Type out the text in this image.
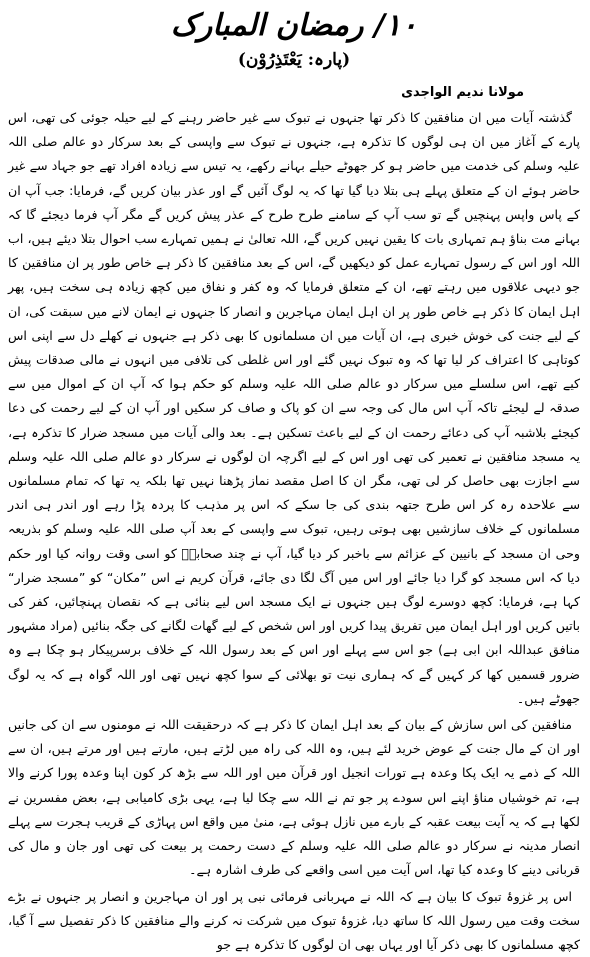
۱۰/ رمضان المبارک
(پارہ: یَعْتَذِرُوْن)
مولانا ندیم الواجدی

گذشتہ آیات میں ان منافقین کا ذکر تھا جنہوں نے تبوک سے غیر حاضر رہنے کے لیے حیلہ جوئی کی تھی، اس پارے کے آغاز میں ان ہی لوگوں کا تذکرہ ہے، جنہوں نے تبوک سے واپسی کے بعد سرکار دو عالم صلی اللہ علیہ وسلم کی خدمت میں حاضر ہو کر جھوٹے حیلے بہانے رکھے، یہ تیس سے زیادہ افراد تھے جو جہاد سے غیر حاضر ہوئے ان کے متعلق پہلے ہی بتلا دیا گیا تھا کہ یہ لوگ آئیں گے اور عذر بیان کریں گے، فرمایا: جب آپ ان کے پاس واپس پہنچیں گے تو سب آپ کے سامنے طرح طرح کے عذر پیش کریں گے مگر آپ فرما دیجئے گا کہ بہانے مت بناؤ ہم تمہاری بات کا یقین نہیں کریں گے، اللہ تعالیٰ نے ہمیں تمہارے سب احوال بتلا دیئے ہیں، اب اللہ اور اس کے رسول تمہارے عمل کو دیکھیں گے، اس کے بعد منافقین کا ذکر ہے خاص طور پر ان منافقین کا جو دیہی علاقوں میں رہتے تھے، ان کے متعلق فرمایا کہ وہ کفر و نفاق میں کچھ زیادہ ہی سخت ہیں، پھر اہل ایمان کا ذکر ہے خاص طور پر ان اہل ایمان مہاجرین و انصار کا جنہوں نے ایمان لانے میں سبقت کی، ان کے لیے جنت کی خوش خبری ہے، ان آیات میں ان مسلمانوں کا بھی ذکر ہے جنہوں نے کھلے دل سے اپنی اس کوتاہی کا اعتراف کر لیا تھا کہ وہ تبوک نہیں گئے اور اس غلطی کی تلافی میں انہوں نے مالی صدقات پیش کیے تھے، اس سلسلے میں سرکار دو عالم صلی اللہ علیہ وسلم کو حکم ہوا کہ آپ ان کے اموال میں سے صدقہ لے لیجئے تاکہ آپ اس مال کی وجہ سے ان کو پاک و صاف کر سکیں اور آپ ان کے لیے رحمت کی دعا کیجئے بلاشبہ آپ کی دعائے رحمت ان کے لیے باعث تسکین ہے۔ بعد والی آیات میں مسجد ضرار کا تذکرہ ہے، یہ مسجد منافقین نے تعمیر کی تھی اور اس کے لیے اگرچہ ان لوگوں نے سرکار دو عالم صلی اللہ علیہ وسلم سے اجازت بھی حاصل کر لی تھی، مگر ان کا اصل مقصد نماز پڑھنا نہیں تھا بلکہ یہ تھا کہ تمام مسلمانوں سے علاحدہ رہ کر اس طرح جتھہ بندی کی جا سکے کہ اس پر مذہب کا پردہ پڑا رہے اور اندر ہی اندر مسلمانوں کے خلاف سازشیں بھی ہوتی رہیں، تبوک سے واپسی کے بعد آپ صلی اللہ علیہ وسلم کو بذریعہ وحی ان مسجد کے بانیین کے عزائم سے باخبر کر دیا گیا، آپ نے چند صحابہؓ کو اسی وقت روانہ کیا اور حکم دیا کہ اس مسجد کو گرا دیا جائے اور اس میں آگ لگا دی جائے، قرآن کریم نے اس ”مکان“ کو ”مسجد ضرار“ کہا ہے، فرمایا: کچھ دوسرے لوگ ہیں جنہوں نے ایک مسجد اس لیے بنائی ہے کہ نقصان پہنچائیں، کفر کی باتیں کریں اور اہل ایمان میں تفریق پیدا کریں اور اس شخص کے لیے گھات لگانے کی جگہ بنائیں (مراد مشہور منافق عبداللہ ابن ابی ہے) جو اس سے پہلے اور اس کے بعد رسول اللہ کے خلاف برسرپیکار ہو چکا ہے وہ ضرور قسمیں کھا کر کہیں گے کہ ہماری نیت تو بھلائی کے سوا کچھ نہیں تھی اور اللہ گواہ ہے کہ یہ لوگ جھوٹے ہیں۔

منافقین کی اس سازش کے بیان کے بعد اہل ایمان کا ذکر ہے کہ درحقیقت اللہ نے مومنوں سے ان کی جانیں اور ان کے مال جنت کے عوض خرید لئے ہیں، وہ اللہ کی راہ میں لڑتے ہیں، مارتے ہیں اور مرتے ہیں، ان سے اللہ کے ذمے یہ ایک پکا وعدہ ہے تورات انجیل اور قرآن میں اور اللہ سے بڑھ کر کون اپنا وعدہ پورا کرنے والا ہے، تم خوشیاں مناؤ اپنے اس سودے پر جو تم نے اللہ سے چکا لیا ہے، یہی بڑی کامیابی ہے، بعض مفسرین نے لکھا ہے کہ یہ آیت بیعت عقبہ کے بارے میں نازل ہوئی ہے، منیٰ میں واقع اس پہاڑی کے قریب ہجرت سے پہلے انصار مدینہ نے سرکار دو عالم صلی اللہ علیہ وسلم کے دست رحمت پر بیعت کی تھی اور جان و مال کی قربانی دینے کا وعدہ کیا تھا، اس آیت میں اسی واقعے کی طرف اشارہ ہے۔

اس پر غزوۂ تبوک کا بیان ہے کہ اللہ نے مہربانی فرمائی نبی پر اور ان مہاجرین و انصار پر جنہوں نے بڑے سخت وقت میں رسول اللہ کا ساتھ دیا، غزوۂ تبوک میں شرکت نہ کرنے والے منافقین کا ذکر تفصیل سے آ گیا، کچھ مسلمانوں کا بھی ذکر آیا اور یہاں بھی ان لوگوں کا تذکرہ ہے جو
